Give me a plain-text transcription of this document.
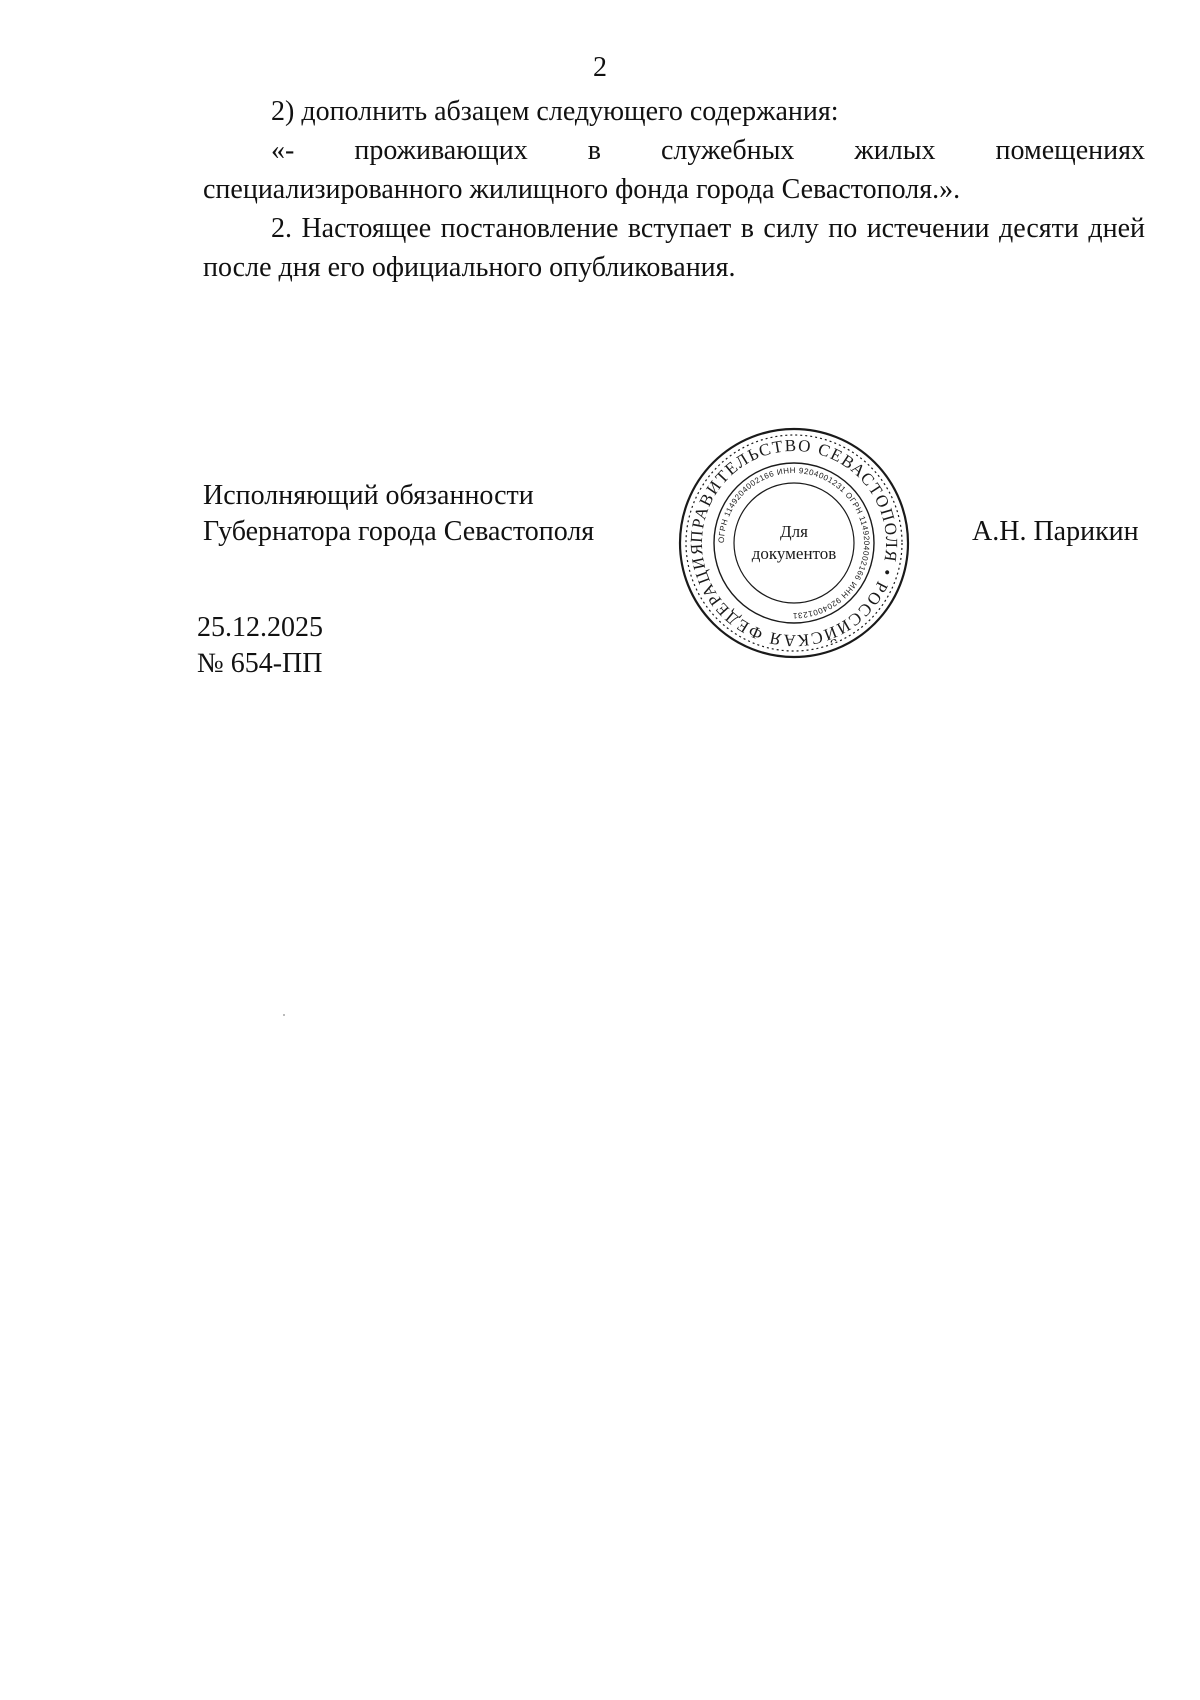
2

2) дополнить абзацем следующего содержания:

«- проживающих в служебных жилых помещениях

специализированного жилищного фонда города Севастополя.».

2. Настоящее постановление вступает в силу по истечении десяти дней после дня его официального опубликования.

Исполняющий обязанности
Губернатора города Севастополя	ПРАВИТЕЛЬСТВО СЕВАСТОПОЛЯ • РОССИЙСКАЯ ФЕДЕРАЦИЯ
ОГРН 1149204002166 ИНН 9204001231 ОГРН 1149204002166 ИНН 9204001231
Для
документов
А.Н. Парикин
25.12.2025
№ 654-ПП
